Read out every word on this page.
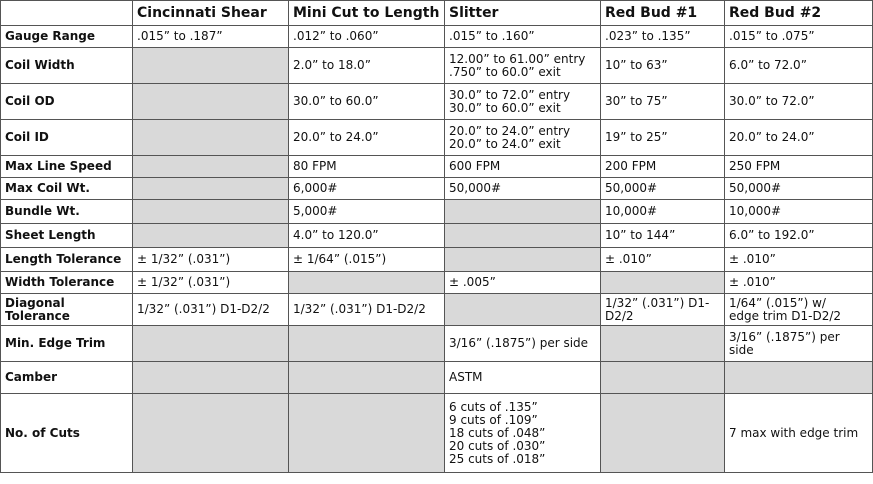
	Cincinnati Shear	Mini Cut to Length	Slitter	Red Bud #1	Red Bud #2

Gauge Range	.015” to .187”	.012” to .060”	.015” to .160”	.023” to .135”	.015” to .075”

Coil Width		2.0” to 18.0”	12.00” to 61.00” entry
.750” to 60.0” exit	10” to 63”	6.0” to 72.0”

Coil OD		30.0” to 60.0”	30.0” to 72.0” entry
30.0” to 60.0” exit	30” to 75”	30.0” to 72.0”

Coil ID		20.0” to 24.0”	20.0” to 24.0” entry
20.0” to 24.0” exit	19” to 25”	20.0” to 24.0”

Max Line Speed		80 FPM	600 FPM	200 FPM	250 FPM

Max Coil Wt.		6,000#	50,000#	50,000#	50,000#

Bundle Wt.		5,000#		10,000#	10,000#

Sheet Length		4.0” to 120.0”		10” to 144”	6.0” to 192.0”

Length Tolerance	± 1/32” (.031”)	± 1/64” (.015”)		± .010”	± .010”

Width Tolerance	± 1/32” (.031”)		± .005”		± .010”

Diagonal
Tolerance	1/32” (.031”) D1-D2/2	1/32” (.031”) D1-D2/2		1/32” (.031”) D1-
D2/2	1/64” (.015”) w/
edge trim D1-D2/2

Min. Edge Trim			3/16” (.1875”) per side		3/16” (.1875”) per
side

Camber			ASTM		

No. of Cuts			6 cuts of .135”
9 cuts of .109”
18 cuts of .048”
20 cuts of .030”
25 cuts of .018”		7 max with edge trim
